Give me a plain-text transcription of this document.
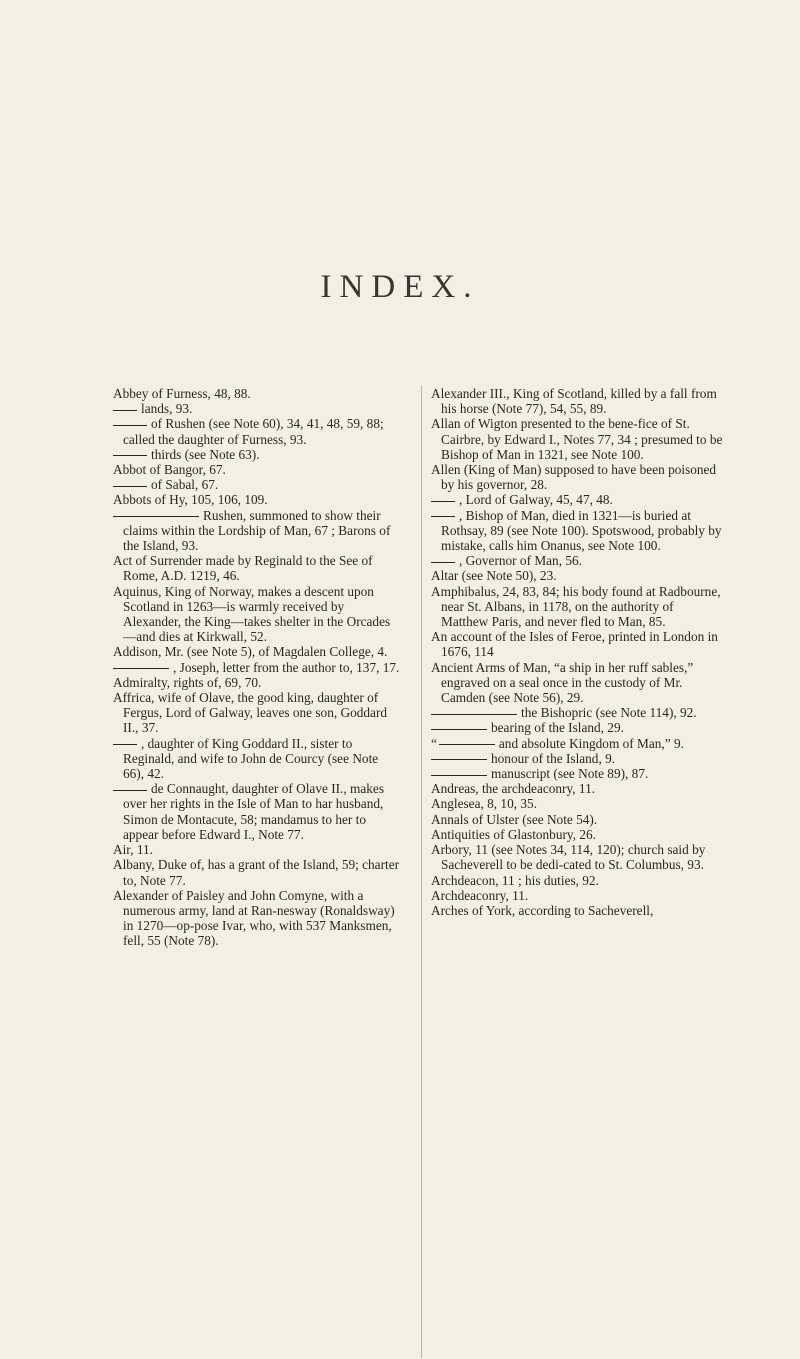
INDEX.

Abbey of Furness, 48, 88.

lands, 93.

of Rushen (see Note 60), 34, 41, 48, 59, 88; called the daughter of Furness, 93.

thirds (see Note 63).

Abbot of Bangor, 67.

of Sabal, 67.

Abbots of Hy, 105, 106, 109.

Rushen, summoned to show their claims within the Lordship of Man, 67 ; Barons of the Island, 93.

Act of Surrender made by Reginald to the See of Rome, A.D. 1219, 46.

Aquinus, King of Norway, makes a descent upon Scotland in 1263—is warmly received by Alexander, the King—takes shelter in the Orcades—and dies at Kirkwall, 52.

Addison, Mr. (see Note 5), of Magdalen College, 4.

, Joseph, letter from the author to, 137, 17.

Admiralty, rights of, 69, 70.

Affrica, wife of Olave, the good king, daughter of Fergus, Lord of Galway, leaves one son, Goddard II., 37.

, daughter of King Goddard II., sister to Reginald, and wife to John de Courcy (see Note 66), 42.

de Connaught, daughter of Olave II., makes over her rights in the Isle of Man to har husband, Simon de Montacute, 58; mandamus to her to appear before Edward I., Note 77.

Air, 11.

Albany, Duke of, has a grant of the Island, 59; charter to, Note 77.

Alexander of Paisley and John Comyne, with a numerous army, land at Ran-nesway (Ronaldsway) in 1270—op-pose Ivar, who, with 537 Manksmen, fell, 55 (Note 78).

Alexander III., King of Scotland, killed by a fall from his horse (Note 77), 54, 55, 89.

Allan of Wigton presented to the bene-fice of St. Cairbre, by Edward I., Notes 77, 34 ; presumed to be Bishop of Man in 1321, see Note 100.

Allen (King of Man) supposed to have been poisoned by his governor, 28.

, Lord of Galway, 45, 47, 48.

, Bishop of Man, died in 1321—is buried at Rothsay, 89 (see Note 100). Spotswood, probably by mistake, calls him Onanus, see Note 100.

, Governor of Man, 56.

Altar (see Note 50), 23.

Amphibalus, 24, 83, 84; his body found at Radbourne, near St. Albans, in 1178, on the authority of Matthew Paris, and never fled to Man, 85.

An account of the Isles of Feroe, printed in London in 1676, 114

Ancient Arms of Man, “a ship in her ruff sables,” engraved on a seal once in the custody of Mr. Camden (see Note 56), 29.

the Bishopric (see Note 114), 92.

bearing of the Island, 29.

“	and absolute Kingdom of Man,” 9.

honour of the Island, 9.

manuscript (see Note 89), 87.

Andreas, the archdeaconry, 11.

Anglesea, 8, 10, 35.

Annals of Ulster (see Note 54).

Antiquities of Glastonbury, 26.

Arbory, 11 (see Notes 34, 114, 120); church said by Sacheverell to be dedi-cated to St. Columbus, 93.

Archdeacon, 11 ; his duties, 92.

Archdeaconry, 11.

Arches of York, according to Sacheverell,
